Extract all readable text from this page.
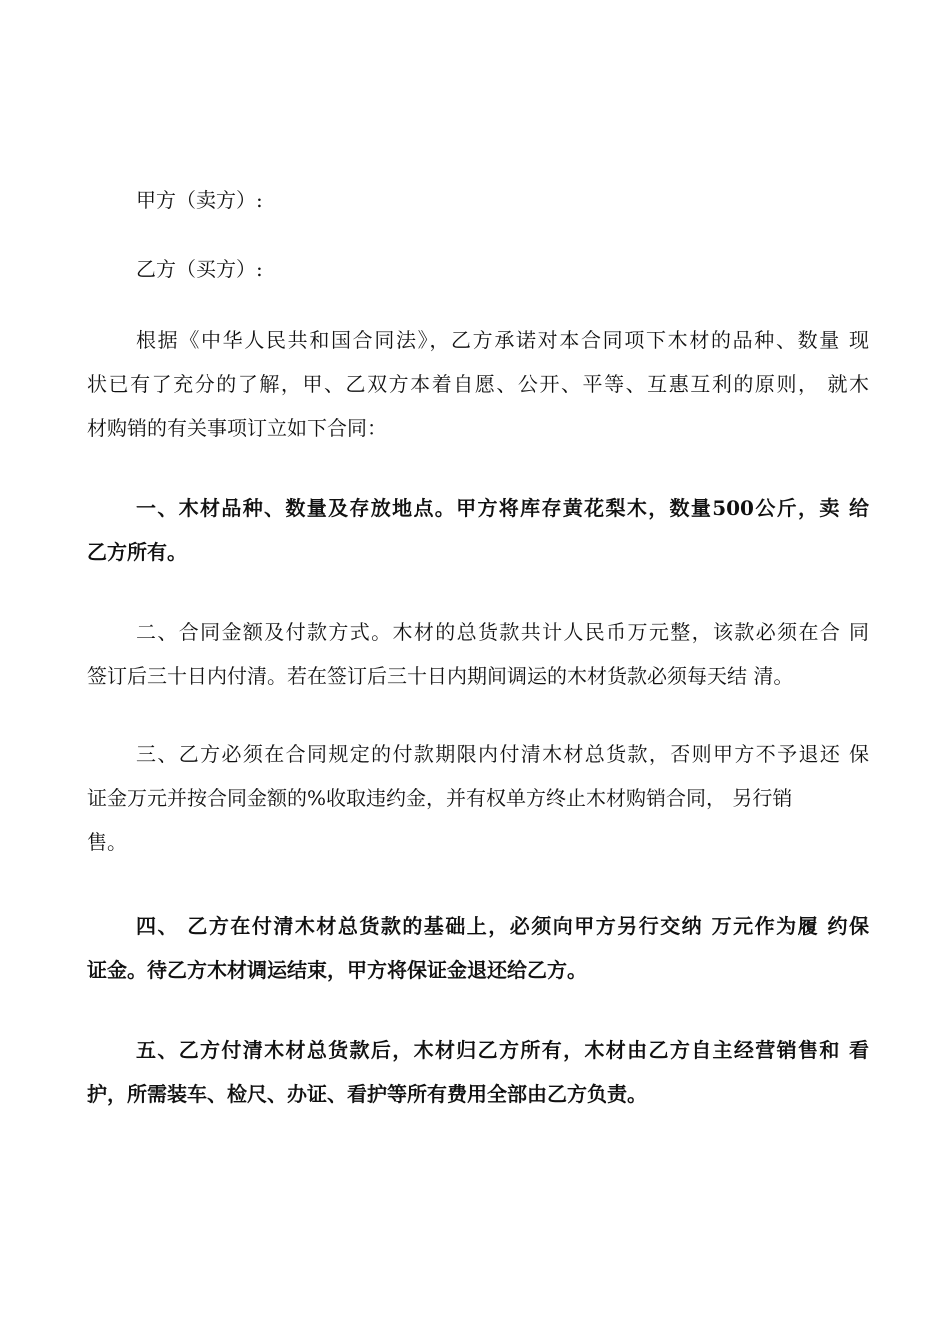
甲方（卖方）:
乙方（买方）:
根据《中华人民共和国合同法》，乙方承诺对本合同项下木材的品种、数量 现
状已有了充分的了解，甲、乙双方本着自愿、公开、平等、互惠互利的原则， 就木
材购销的有关事项订立如下合同：
一、木材品种、数量及存放地点。甲方将库存黄花梨木，数量500公斤，卖 给
乙方所有。
二、合同金额及付款方式。木材的总货款共计人民币万元整，该款必须在合 同
签订后三十日内付清。若在签订后三十日内期间调运的木材货款必须每天结 清。
三、乙方必须在合同规定的付款期限内付清木材总货款，否则甲方不予退还 保
证金万元并按合同金额的%收取违约金，并有权单方终止木材购销合同， 另行销
售。
四、 乙方在付清木材总货款的基础上，必须向甲方另行交纳 万元作为履 约保
证金。待乙方木材调运结束，甲方将保证金退还给乙方。
五、乙方付清木材总货款后，木材归乙方所有，木材由乙方自主经营销售和 看
护，所需装车、检尺、办证、看护等所有费用全部由乙方负责。
